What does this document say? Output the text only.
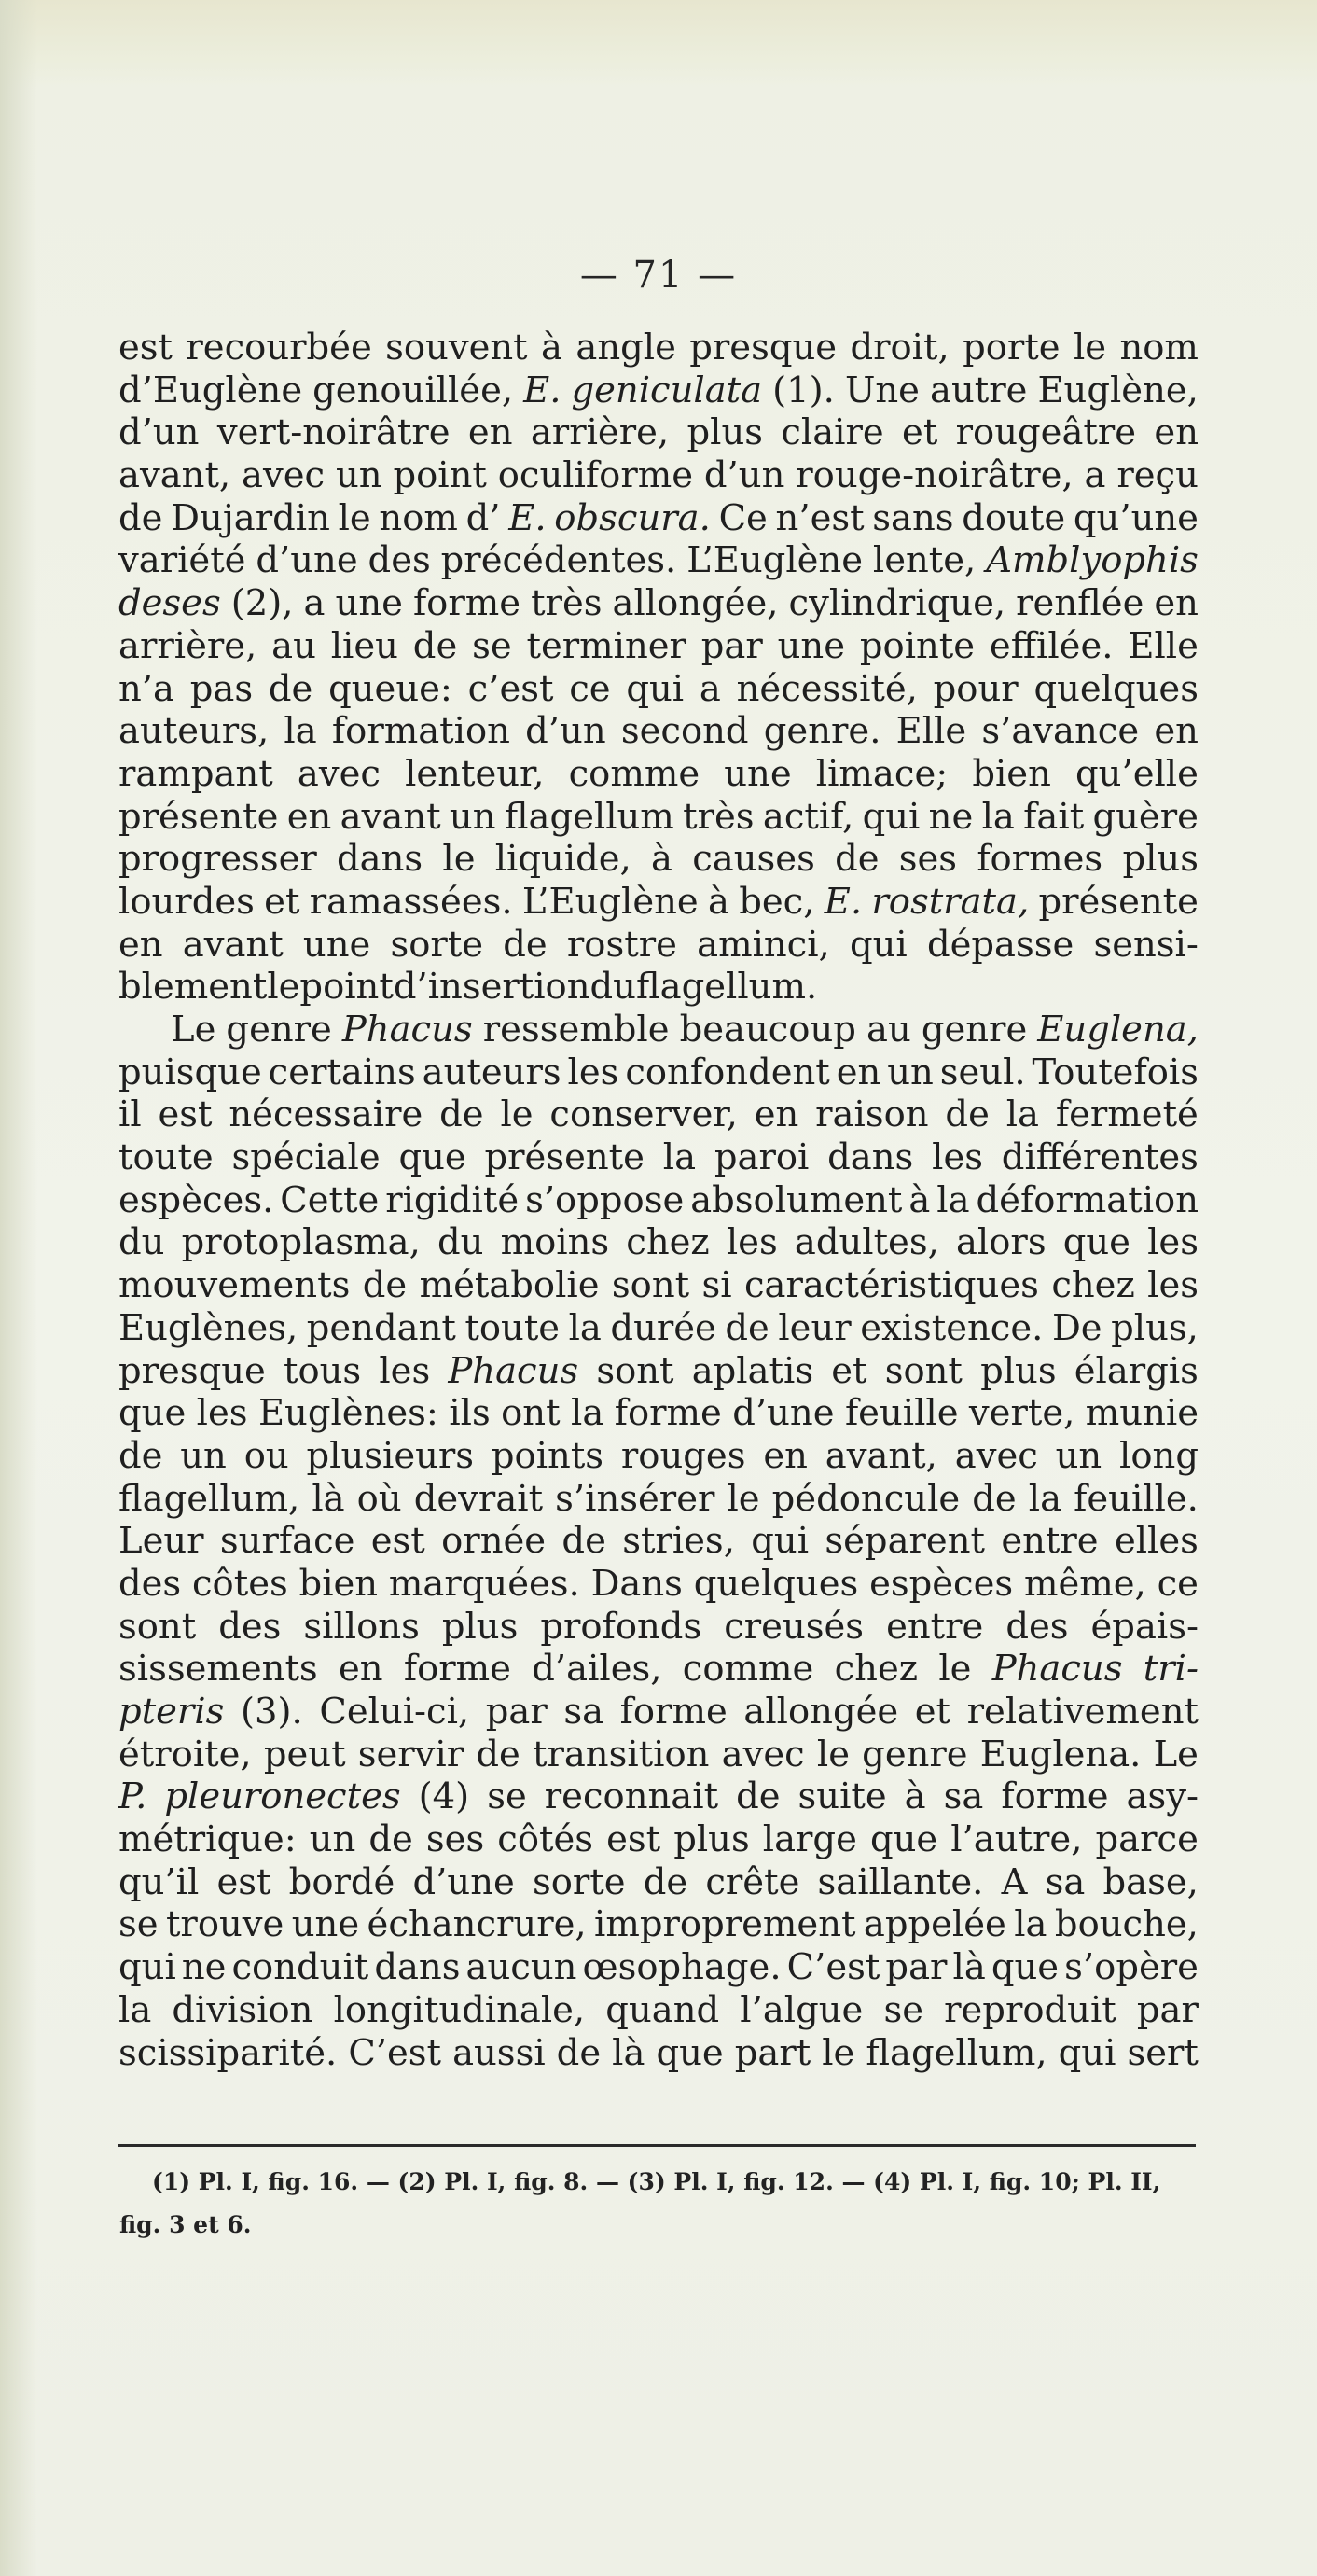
— 71 —
est recourbée souvent à angle presque droit, porte le nom
d’Euglène genouillée, E. geniculata (1). Une autre Euglène,
d’un vert-noirâtre en arrière, plus claire et rougeâtre en
avant, avec un point oculiforme d’un rouge-noirâtre, a reçu
de Dujardin le nom d’ E. obscura. Ce n’est sans doute qu’une
variété d’une des précédentes. L’Euglène lente, Amblyophis
deses (2), a une forme très allongée, cylindrique, renflée en
arrière, au lieu de se terminer par une pointe effilée. Elle
n’a pas de queue: c’est ce qui a nécessité, pour quelques
auteurs, la formation d’un second genre. Elle s’avance en
rampant avec lenteur, comme une limace; bien qu’elle
présente en avant un flagellum très actif, qui ne la fait guère
progresser dans le liquide, à causes de ses formes plus
lourdes et ramassées. L’Euglène à bec, E. rostrata, présente
en avant une sorte de rostre aminci, qui dépasse sensi-
blement le point d’insertion du flagellum.
Le genre Phacus ressemble beaucoup au genre Euglena,
puisque certains auteurs les confondent en un seul. Toutefois
il est nécessaire de le conserver, en raison de la fermeté
toute spéciale que présente la paroi dans les différentes
espèces. Cette rigidité s’oppose absolument à la déformation
du protoplasma, du moins chez les adultes, alors que les
mouvements de métabolie sont si caractéristiques chez les
Euglènes, pendant toute la durée de leur existence. De plus,
presque tous les Phacus sont aplatis et sont plus élargis
que les Euglènes: ils ont la forme d’une feuille verte, munie
de un ou plusieurs points rouges en avant, avec un long
flagellum, là où devrait s’insérer le pédoncule de la feuille.
Leur surface est ornée de stries, qui séparent entre elles
des côtes bien marquées. Dans quelques espèces même, ce
sont des sillons plus profonds creusés entre des épais-
sissements en forme d’ailes, comme chez le Phacus tri-
pteris (3). Celui-ci, par sa forme allongée et relativement
étroite, peut servir de transition avec le genre Euglena. Le
P. pleuronectes (4) se reconnait de suite à sa forme asy-
métrique: un de ses côtés est plus large que l’autre, parce
qu’il est bordé d’une sorte de crête saillante. A sa base,
se trouve une échancrure, improprement appelée la bouche,
qui ne conduit dans aucun œsophage. C’est par là que s’opère
la division longitudinale, quand l’algue se reproduit par
scissiparité. C’est aussi de là que part le flagellum, qui sert
(1) Pl. I, fig. 16. — (2) Pl. I, fig. 8. — (3) Pl. I, fig. 12. — (4) Pl. I, fig. 10; Pl. II,
fig. 3 et 6.
